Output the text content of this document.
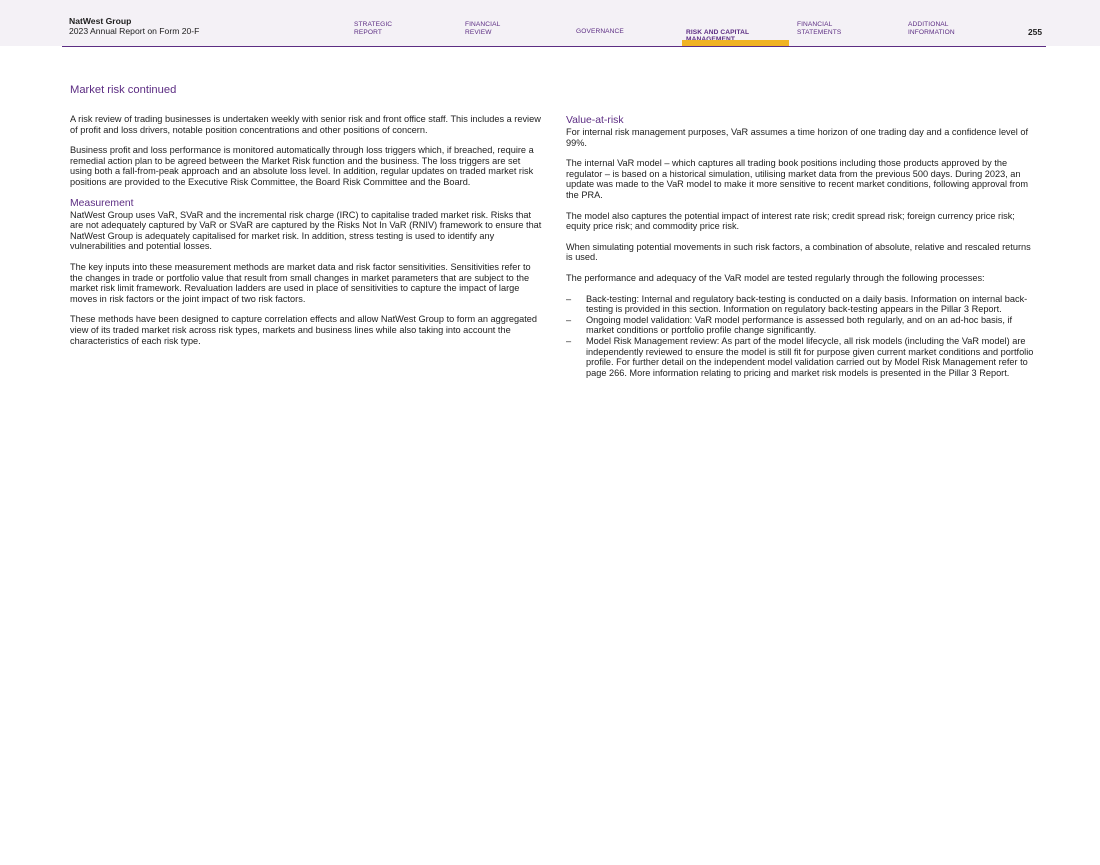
NatWest Group
2023 Annual Report on Form 20-F
STRATEGIC
REPORT
FINANCIAL
REVIEW	GOVERNANCE	RISK AND CAPITAL

FINANCIAL
STATEMENTS
ADDITIONAL
INFORMATION	255
Market risk continued

A risk review of trading businesses is undertaken weekly with senior risk and front office staff. This includes a review of profit and loss drivers, notable position concentrations and other positions of concern.

Business profit and loss performance is monitored automatically through loss triggers which, if breached, require a remedial action plan to be agreed between the Market Risk function and the business. The loss triggers are set using both a fall-from-peak approach and an absolute loss level. In addition, regular updates on traded market risk positions are provided to the Executive Risk Committee, the Board Risk Committee and the Board.

Measurement

NatWest Group uses VaR, SVaR and the incremental risk charge (IRC) to capitalise traded market risk. Risks that are not adequately captured by VaR or SVaR are captured by the Risks Not In VaR (RNIV) framework to ensure that NatWest Group is adequately capitalised for market risk. In addition, stress testing is used to identify any vulnerabilities and potential losses.

The key inputs into these measurement methods are market data and risk factor sensitivities. Sensitivities refer to the changes in trade or portfolio value that result from small changes in market parameters that are subject to the market risk limit framework. Revaluation ladders are used in place of sensitivities to capture the impact of large moves in risk factors or the joint impact of two risk factors.

These methods have been designed to capture correlation effects and allow NatWest Group to form an aggregated view of its traded market risk across risk types, markets and business lines while also taking into account the characteristics of each risk type.

Value-at-risk

For internal risk management purposes, VaR assumes a time horizon of one trading day and a confidence level of 99%.

The internal VaR model – which captures all trading book positions including those products approved by the regulator – is based on a historical simulation, utilising market data from the previous 500 days. During 2023, an update was made to the VaR model to make it more sensitive to recent market conditions, following approval from the PRA.

The model also captures the potential impact of interest rate risk; credit spread risk; foreign currency price risk; equity price risk; and commodity price risk.

When simulating potential movements in such risk factors, a combination of absolute, relative and rescaled returns is used.

The performance and adequacy of the VaR model are tested regularly through the following processes:

– Back-testing: Internal and regulatory back-testing is conducted on a daily basis. Information on internal back-testing is provided in this section. Information on regulatory back-testing appears in the Pillar 3 Report.
– Ongoing model validation: VaR model performance is assessed both regularly, and on an ad-hoc basis, if market conditions or portfolio profile change significantly.
– Model Risk Management review: As part of the model lifecycle, all risk models (including the VaR model) are independently reviewed to ensure the model is still fit for purpose given current market conditions and portfolio profile. For further detail on the independent model validation carried out by Model Risk Management refer to page 266. More information relating to pricing and market risk models is presented in the Pillar 3 Report.
